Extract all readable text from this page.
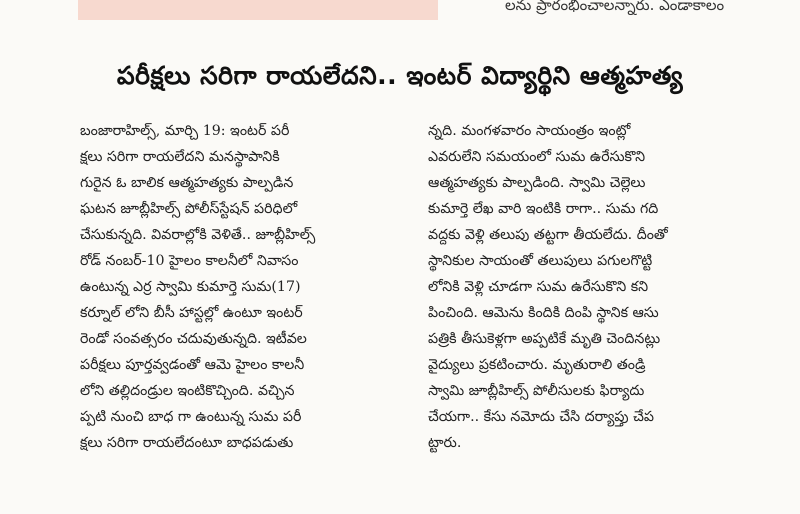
లను ప్రారంభించాలన్నారు. ఎండాకాలం
పరీక్షలు సరిగా రాయలేదని.. ఇంటర్ విద్యార్థిని ఆత్మహత్య
బంజారాహిల్స్, మార్చి 19: ఇంటర్ పరీ
క్షలు సరిగా రాయలేదని మనస్థాపానికి
గురైన ఓ బాలిక ఆత్మహత్యకు పాల్పడిన
ఘటన జూబ్లీహిల్స్ పోలీస్‌స్టేషన్ పరిధిలో
చేసుకున్నది. వివరాల్లోకి వెళితే.. జూబ్లీహిల్స్
రోడ్ నంబర్-10 హైలం కాలనీలో నివాసం
ఉంటున్న ఎర్ర స్వామి కుమార్తె సుమ(17)
కర్నూల్ లోని బీసీ హాస్టల్లో ఉంటూ ఇంటర్
రెండో సంవత్సరం చదువుతున్నది. ఇటీవల
పరీక్షలు పూర్తవ్వడంతో ఆమె హైలం కాలనీ
లోని తల్లిదండ్రుల ఇంటికొచ్చింది. వచ్చిన
ప్పటి నుంచి బాధ గా ఉంటున్న సుమ పరీ
క్షలు సరిగా రాయలేదంటూ బాధపడుతు
న్నది. మంగళవారం సాయంత్రం ఇంట్లో
ఎవరులేని సమయంలో సుమ ఉరేసుకొని
ఆత్మహత్యకు పాల్పడింది. స్వామి చెల్లెలు
కుమార్తె లేఖ వారి ఇంటికి రాగా.. సుమ గది
వద్దకు వెళ్లి తలుపు తట్టగా తీయలేదు. దీంతో
స్థానికుల సాయంతో తలుపులు పగులగొట్టి
లోనికి వెళ్లి చూడగా సుమ ఉరేసుకొని కని
పించింది. ఆమెను కిందికి దింపి స్థానిక ఆసు
పత్రికి తీసుకెళ్లగా అప్పటికే మృతి చెందినట్లు
వైద్యులు ప్రకటించారు. మృతురాలి తండ్రి
స్వామి జూబ్లీహిల్స్ పోలీసులకు ఫిర్యాదు
చేయగా.. కేసు నమోదు చేసి దర్యాప్తు చేప
ట్టారు.
